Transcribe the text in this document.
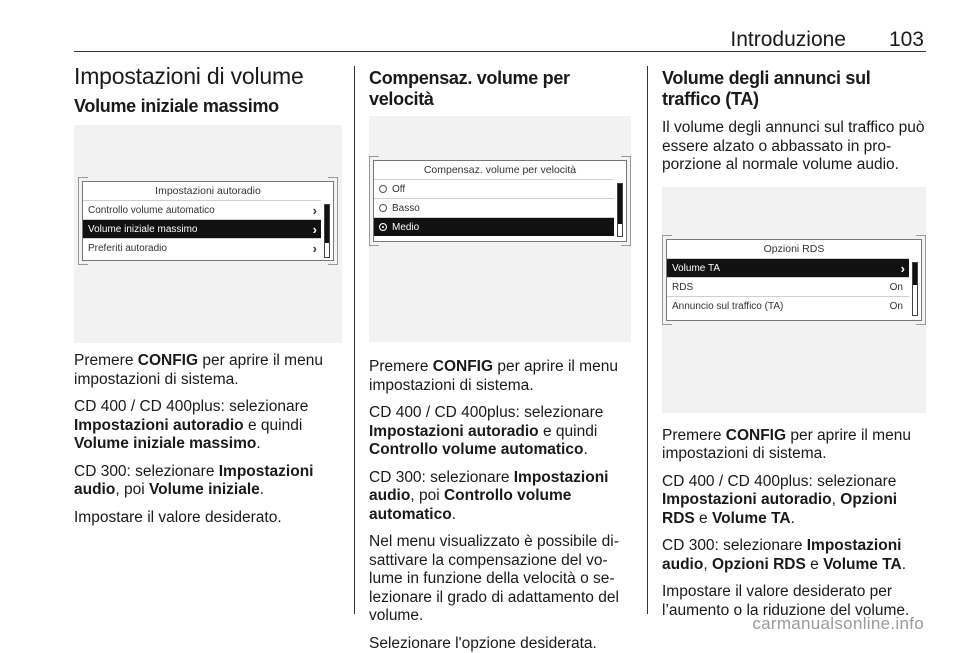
Introduzione 103
Impostazioni di volume
Volume iniziale massimo
Impostazioni autoradio
Controllo volume automatico	›
Volume iniziale massimo	›
Preferiti autoradio	›

Premere CONFIG per aprire il menu impostazioni di sistema.

CD 400 / CD 400plus: selezionare Impostazioni autoradio e quindi Volume iniziale massimo.

CD 300: selezionare Impostazioni audio, poi Volume iniziale.

Impostare il valore desiderato.

Compensaz. volume per velocità
Compensaz. volume per velocità
Off
Basso
Medio

Premere CONFIG per aprire il menu impostazioni di sistema.

CD 400 / CD 400plus: selezionare Impostazioni autoradio e quindi Controllo volume automatico.

CD 300: selezionare Impostazioni audio, poi Controllo volume automatico.

Nel menu visualizzato è possibile disattivare la compensazione del volume in funzione della velocità o selezionare il grado di adattamento del volume.

Selezionare l'opzione desiderata.

Volume degli annunci sul traffico (TA)

Il volume degli annunci sul traffico può essere alzato o abbassato in proporzione al normale volume audio.

Opzioni RDS
Volume TA	›
RDS	On
Annuncio sul traffico (TA)	On

Premere CONFIG per aprire il menu impostazioni di sistema.

CD 400 / CD 400plus: selezionare Impostazioni autoradio, Opzioni RDS e Volume TA.

CD 300: selezionare Impostazioni audio, Opzioni RDS e Volume TA.

Impostare il valore desiderato per l’aumento o la riduzione del volume.

carmanualsonline.info
